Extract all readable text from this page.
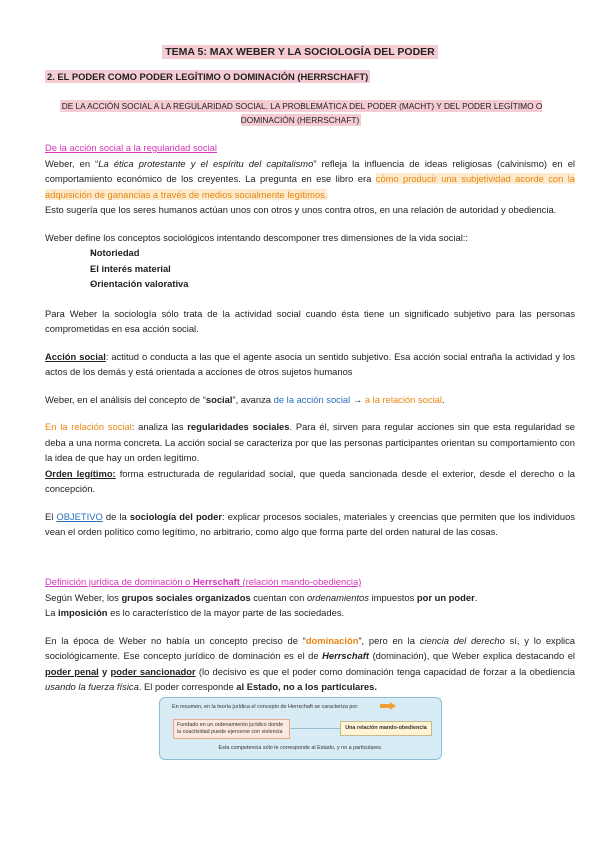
TEMA 5: MAX WEBER Y LA SOCIOLOGÍA DEL PODER
2. EL PODER COMO PODER LEGÍTIMO O DOMINACIÓN (HERRSCHAFT)
DE LA ACCIÓN SOCIAL A LA REGULARIDAD SOCIAL. LA PROBLEMÁTICA DEL PODER (MACHT) Y DEL PODER LEGÍTIMO O DOMINACIÓN (HERRSCHAFT)

De la acción social a la regularidad social

Weber, en “La ética protestante y el espíritu del capitalismo” refleja la influencia de ideas religiosas (calvinismo) en el comportamiento económico de los creyentes. La pregunta en ese libro era cómo producir una subjetividad acorde con la adquisición de ganancias a través de medios socialmente legítimos.

Esto sugería que los seres humanos actúan unos con otros y unos contra otros, en una relación de autoridad y obediencia.

Weber define los conceptos sociológicos intentando descomponer tres dimensiones de la vida social::

- Notoriedad
- El interés material
- Orientación valorativa

Para Weber la sociología sólo trata de la actividad social cuando ésta tiene un significado subjetivo para las personas comprometidas en esa acción social.

Acción social: actitud o conducta a las que el agente asocia un sentido subjetivo. Esa acción social entraña la actividad y los actos de los demás y está orientada a acciones de otros sujetos humanos

Weber, en el análisis del concepto de “social”, avanza de la acción social → a la relación social.

En la relación social: analiza las regularidades sociales. Para él, sirven para regular acciones sin que esta regularidad se deba a una norma concreta. La acción social se caracteriza por que las personas participantes orientan su comportamiento con la idea de que hay un orden legítimo.

Orden legítimo: forma estructurada de regularidad social, que queda sancionada desde el exterior, desde el derecho o la concepción.

El OBJETIVO de la sociología del poder: explicar procesos sociales, materiales y creencias que permiten que los individuos vean el orden político como legítimo, no arbitrario, como algo que forma parte del orden natural de las cosas.

Definición jurídica de dominación o Herrschaft (relación mando-obediencia)

Según Weber, los grupos sociales organizados cuentan con ordenamientos impuestos por un poder.

La imposición es lo característico de la mayor parte de las sociedades.

En la época de Weber no había un concepto preciso de “dominación”, pero en la ciencia del derecho sí, y lo explica sociológicamente. Ese concepto jurídico de dominación es el de Herrschaft (dominación), que Weber explica destacando el poder penal y poder sancionador (lo decisivo es que el poder como dominación tenga capacidad de forzar a la obediencia usando la fuerza física. El poder corresponde al Estado, no a los particulares.

En resumen, en la teoría jurídica el concepto de Herrschaft se caracteriza por:
Fundado en un ordenamiento jurídico donde la coactividad puede ejercerse con violencia
Una relación mando-obediencia
Esta competencia sólo le corresponde al Estado, y no a particulares.
